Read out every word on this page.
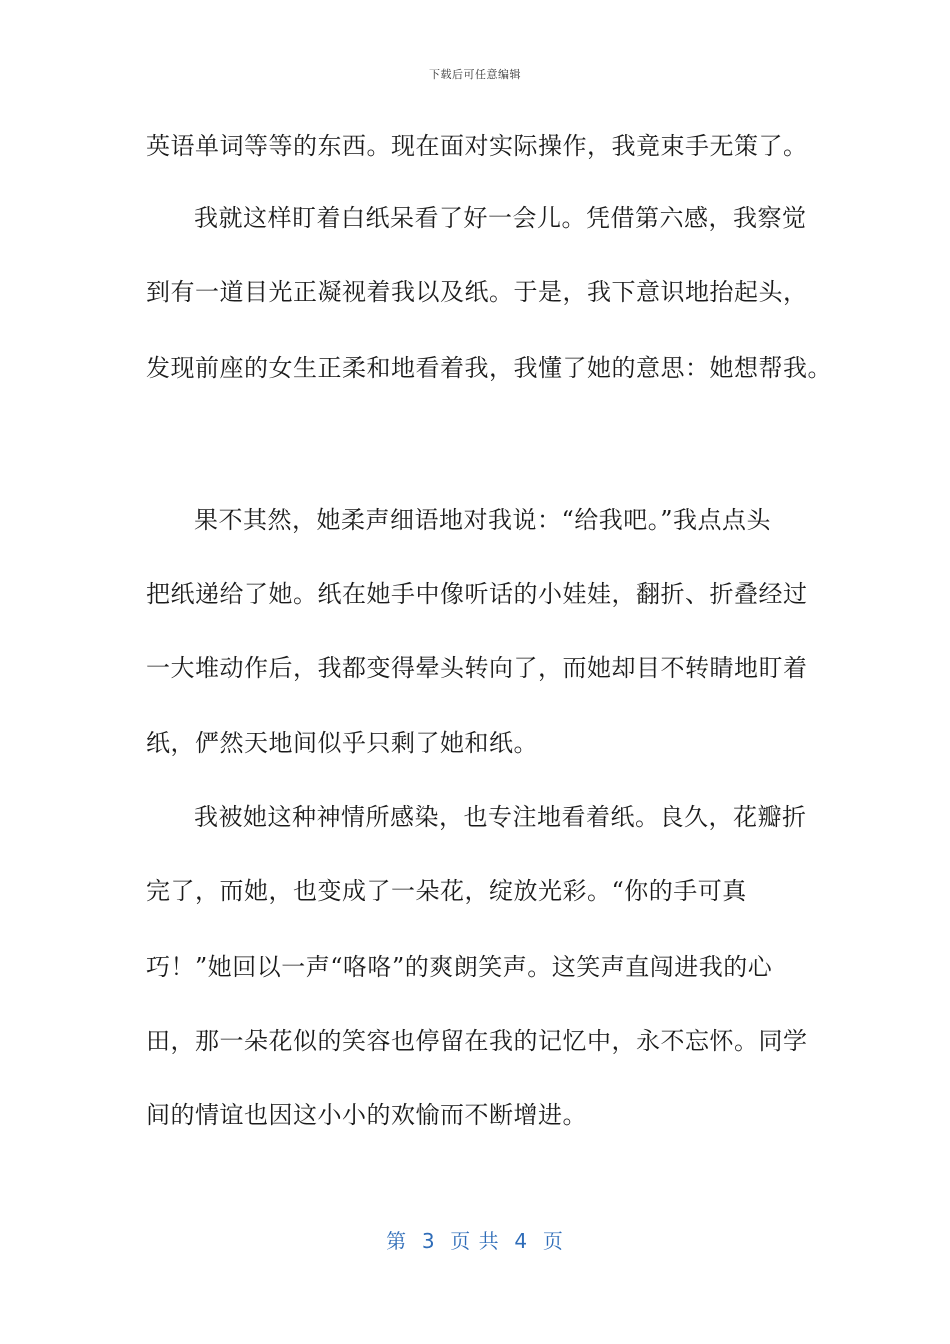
下载后可任意编辑
英语单词等等的东西。现在面对实际操作，我竟束手无策了。
我就这样盯着白纸呆看了好一会儿。凭借第六感，我察觉
到有一道目光正凝视着我以及纸。于是，我下意识地抬起头，
发现前座的女生正柔和地看着我，我懂了她的意思：她想帮我。
果不其然，她柔声细语地对我说：“给我吧。”我点点头
把纸递给了她。纸在她手中像听话的小娃娃，翻折、折叠经过
一大堆动作后，我都变得晕头转向了，而她却目不转睛地盯着
纸，俨然天地间似乎只剩了她和纸。
我被她这种神情所感染，也专注地看着纸。良久，花瓣折
完了，而她，也变成了一朵花，绽放光彩。“你的手可真
巧！”她回以一声“咯咯”的爽朗笑声。这笑声直闯进我的心
田，那一朵花似的笑容也停留在我的记忆中，永不忘怀。同学
间的情谊也因这小小的欢愉而不断增进。
第  3  页 共  4  页
